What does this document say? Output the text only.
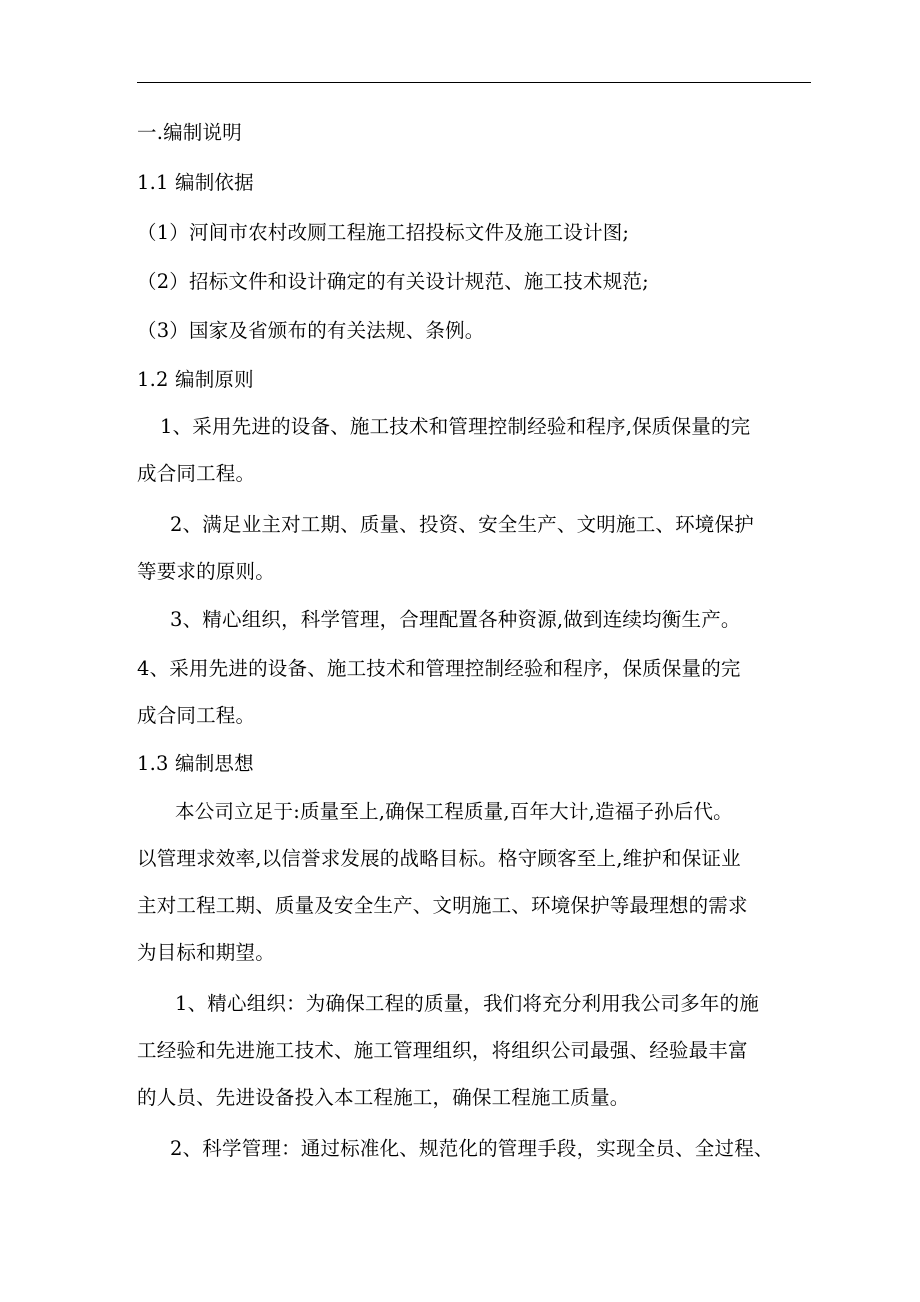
一.编制说明
1.1 编制依据
（1）河间市农村改厕工程施工招投标文件及施工设计图;
（2）招标文件和设计确定的有关设计规范、施工技术规范;
（3）国家及省颁布的有关法规、条例。
1.2 编制原则
1、采用先进的设备、施工技术和管理控制经验和程序,保质保量的完
成合同工程。
2、满足业主对工期、质量、投资、安全生产、文明施工、环境保护
等要求的原则。
3、精心组织，科学管理，合理配置各种资源,做到连续均衡生产。
4、采用先进的设备、施工技术和管理控制经验和程序，保质保量的完
成合同工程。
1.3 编制思想
本公司立足于:质量至上,确保工程质量,百年大计,造福子孙后代。
以管理求效率,以信誉求发展的战略目标。格守顾客至上,维护和保证业
主对工程工期、质量及安全生产、文明施工、环境保护等最理想的需求
为目标和期望。
1、精心组织：为确保工程的质量，我们将充分利用我公司多年的施
工经验和先进施工技术、施工管理组织，将组织公司最强、经验最丰富
的人员、先进设备投入本工程施工，确保工程施工质量。
2、科学管理：通过标准化、规范化的管理手段，实现全员、全过程、
